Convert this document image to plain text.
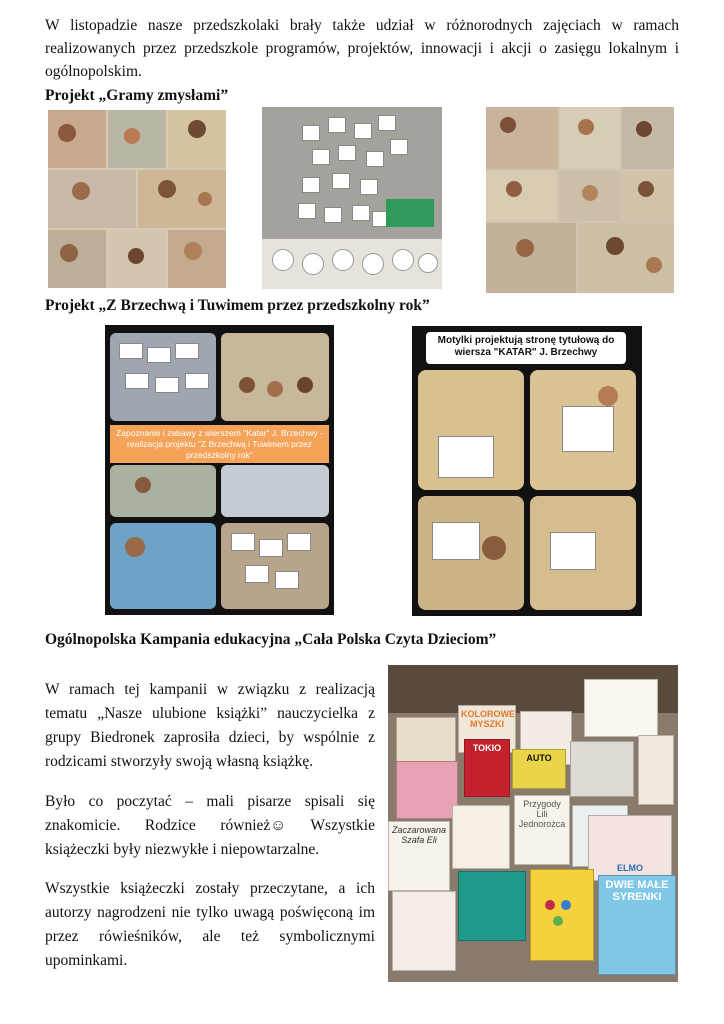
W listopadzie nasze przedszkolaki brały także udział w różnorodnych zajęciach w ramach realizowanych przez przedszkole programów, projektów, innowacji i akcji o zasięgu lokalnym i ogólnopolskim.

Projekt „Gramy zmysłami”
Projekt „Z Brzechwą i Tuwimem przez przedszkolny rok”
Zapoznanie i zabawy z wierszem "Katar" J. Brzechwy -realizacja projektu "Z Brzechwą i Tuwimem przez przedszkolny rok"
Motylki projektują stronę tytułową do wiersza "KATAR" J. Brzechwy
Ogólnopolska Kampania edukacyjna „Cała Polska Czyta Dzieciom”

W ramach tej kampanii w związku z realizacją tematu „Nasze ulubione książki” nauczycielka z grupy Biedronek zaprosiła dzieci, by wspólnie z rodzicami stworzyły swoją własną książkę.

Było co poczytać – mali pisarze spisali się znakomicie. Rodzice również☺ Wszystkie książeczki były niezwykłe i niepowtarzalne.

Wszystkie książeczki zostały przeczytane, a ich autorzy nagrodzeni nie tylko uwagą poświęconą im przez rówieśników, ale też symbolicznymi upominkami.

KOLOROWE MYSZKI
TOKIO
AUTO
Zaczarowana Szafa Eli
Przygody Lili Jednorożca
ELMO
DWIE MAŁE SYRENKI
